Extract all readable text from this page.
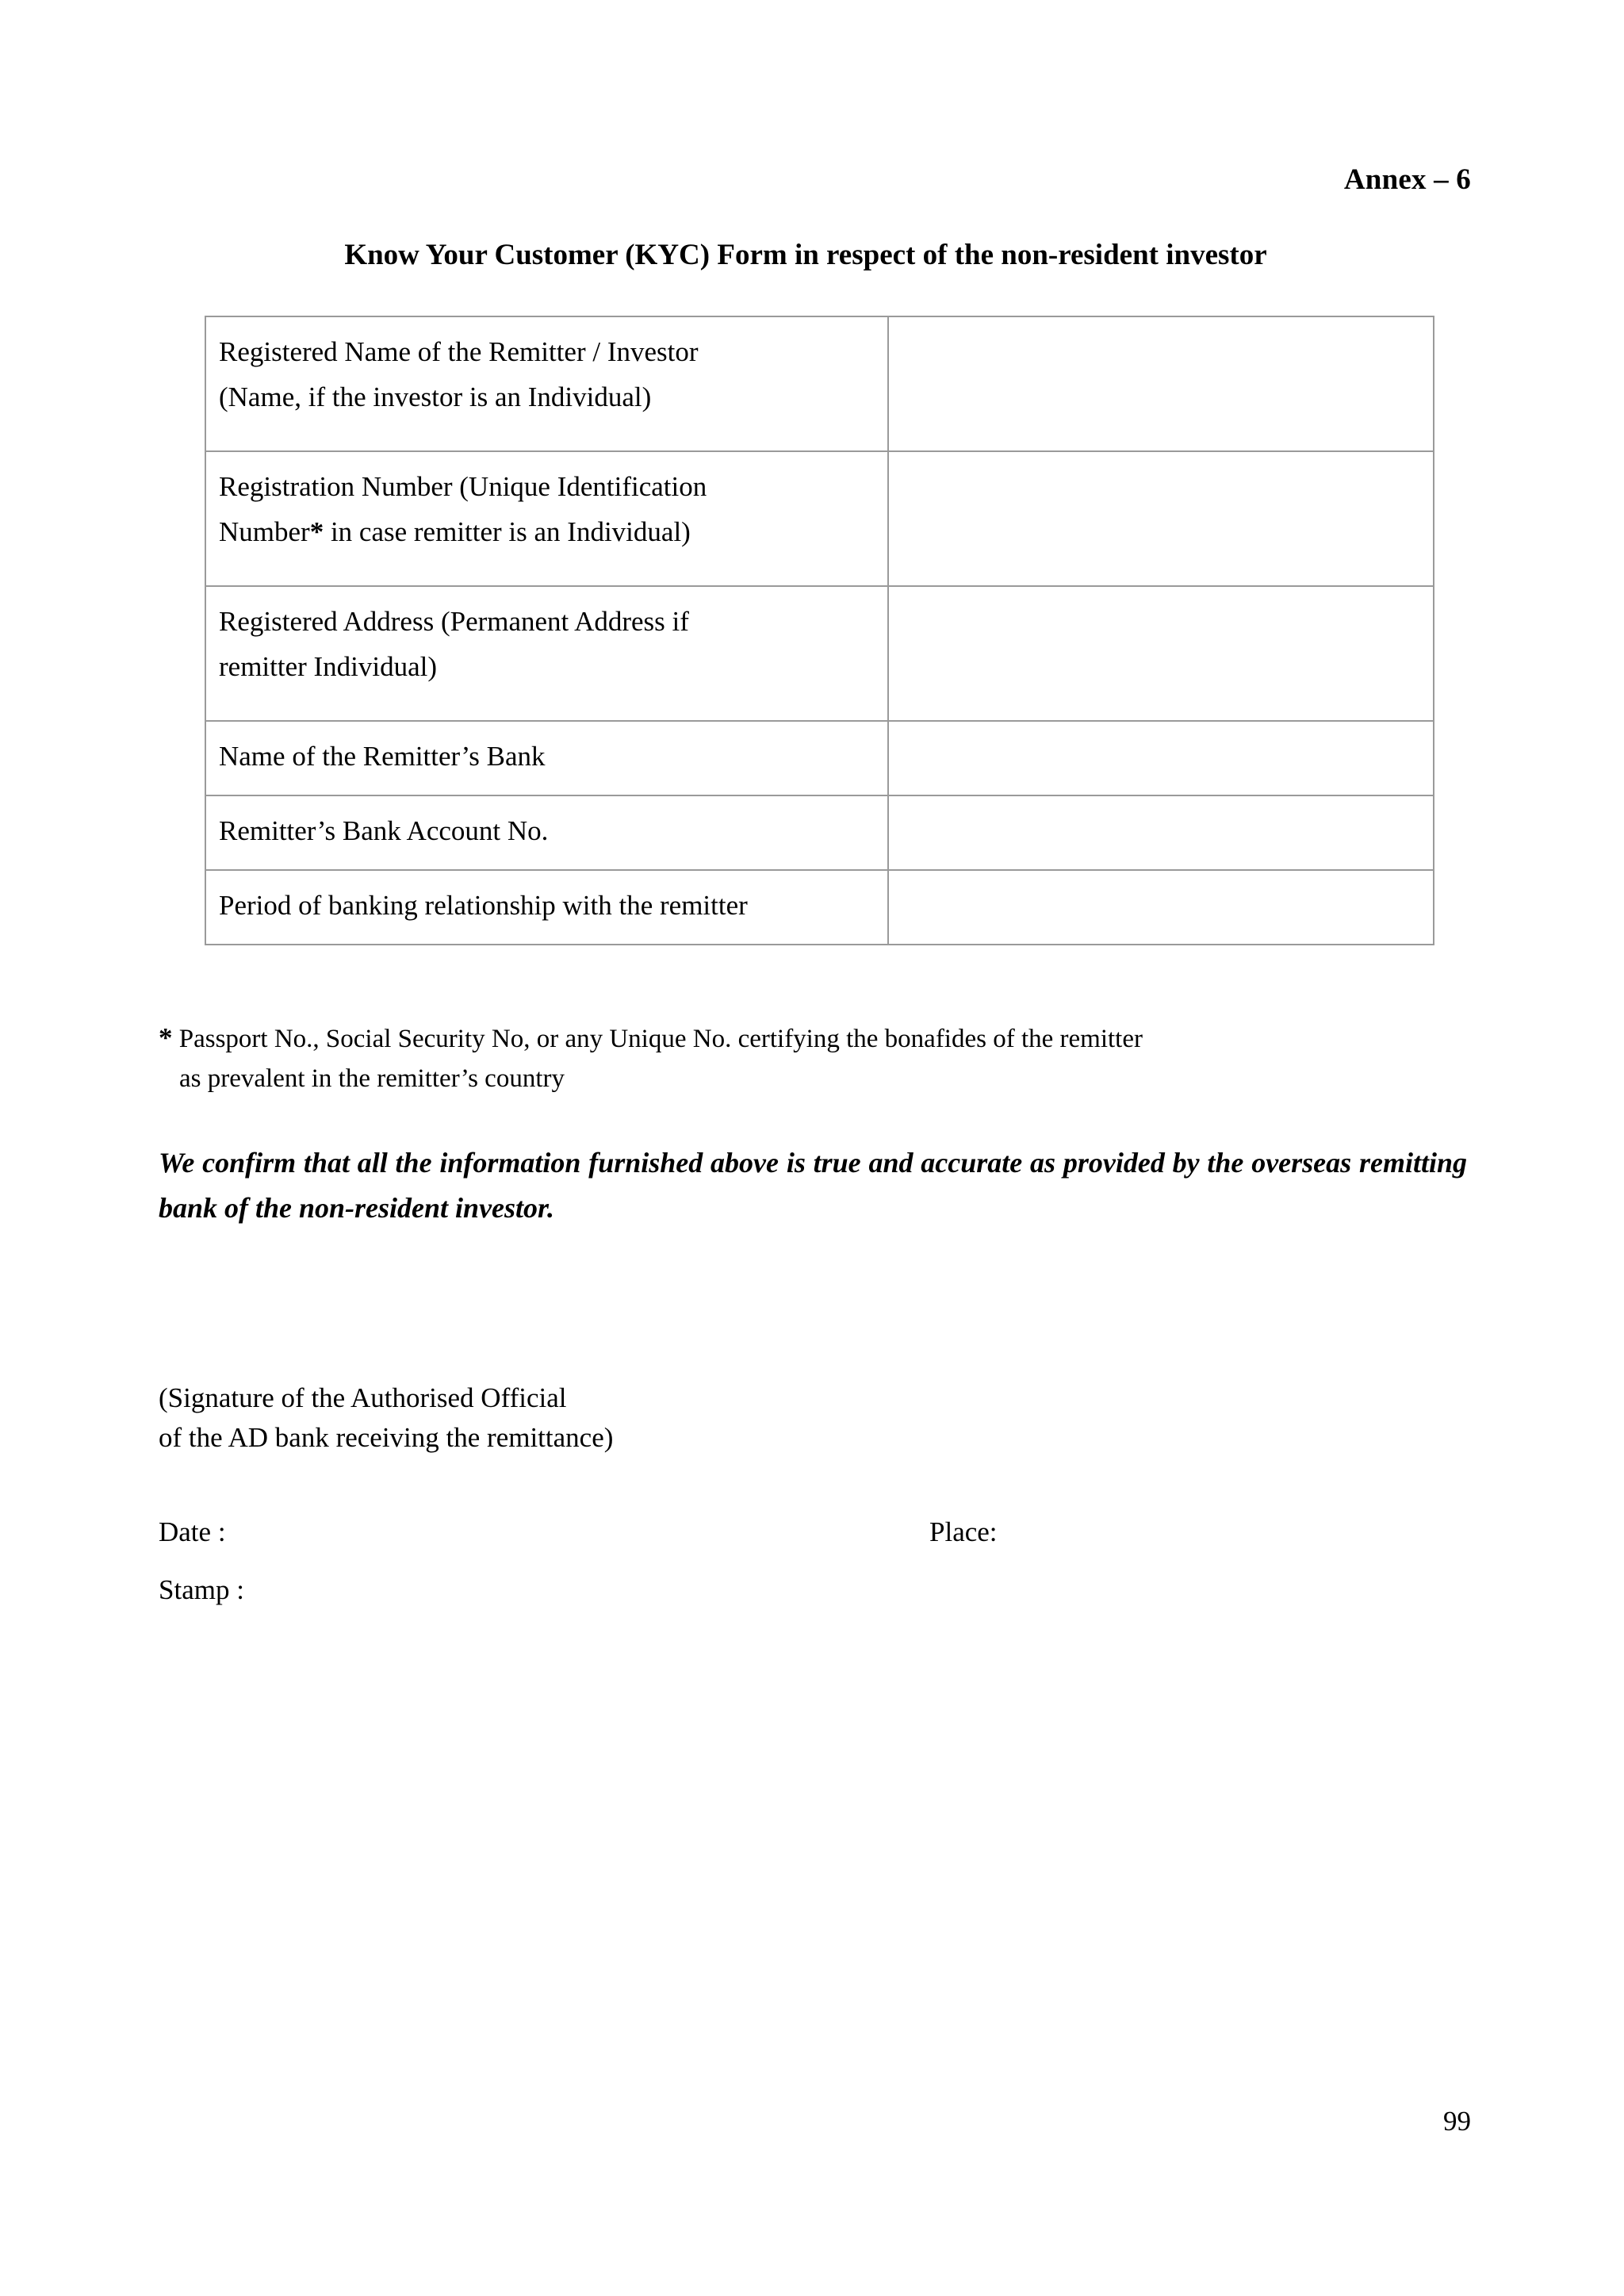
Annex – 6
Know Your Customer (KYC) Form in respect of the non-resident investor
Registered Name of the Remitter / Investor
(Name, if the investor is an Individual)	

Registration Number (Unique Identification
Number* in case remitter is an Individual)	

Registered Address (Permanent Address if
remitter Individual)	

Name of the Remitter’s Bank	

Remitter’s Bank Account No.	

Period of banking relationship with the remitter	

* Passport No., Social Security No, or any Unique No. certifying the bonafides of the remitter
as prevalent in the remitter’s country
We confirm that all the information furnished above is true and accurate as provided by the overseas remitting bank of the non-resident investor.
(Signature of the Authorised Official
of the AD bank receiving the remittance)
Date :	Place:
Stamp :
99
